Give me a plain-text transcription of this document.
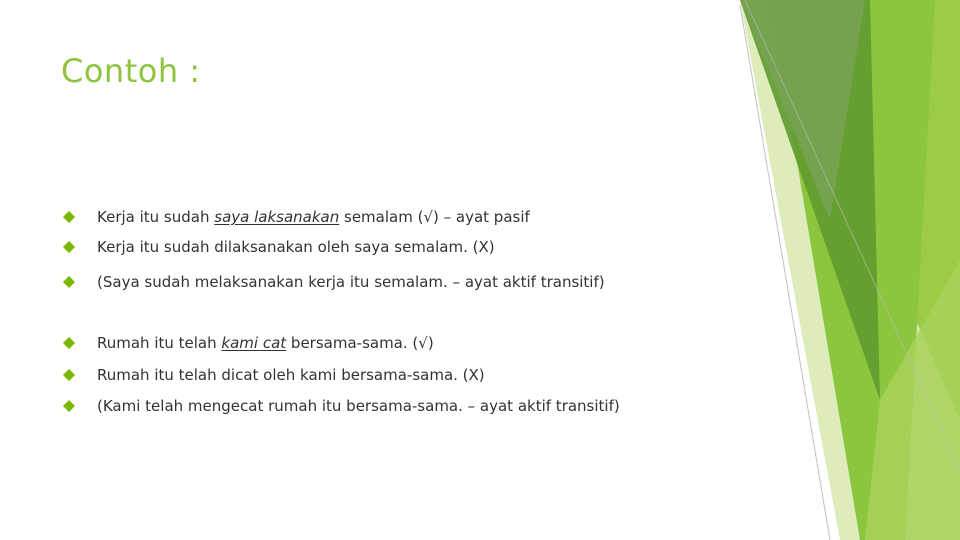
Contoh :
Kerja itu sudah saya laksanakan semalam (√) – ayat pasif
Kerja itu sudah dilaksanakan oleh saya semalam. (X)
(Saya sudah melaksanakan kerja itu semalam. – ayat aktif transitif)
Rumah itu telah kami cat bersama-sama. (√)
Rumah itu telah dicat oleh kami bersama-sama. (X)
(Kami telah mengecat rumah itu bersama-sama. – ayat aktif transitif)
